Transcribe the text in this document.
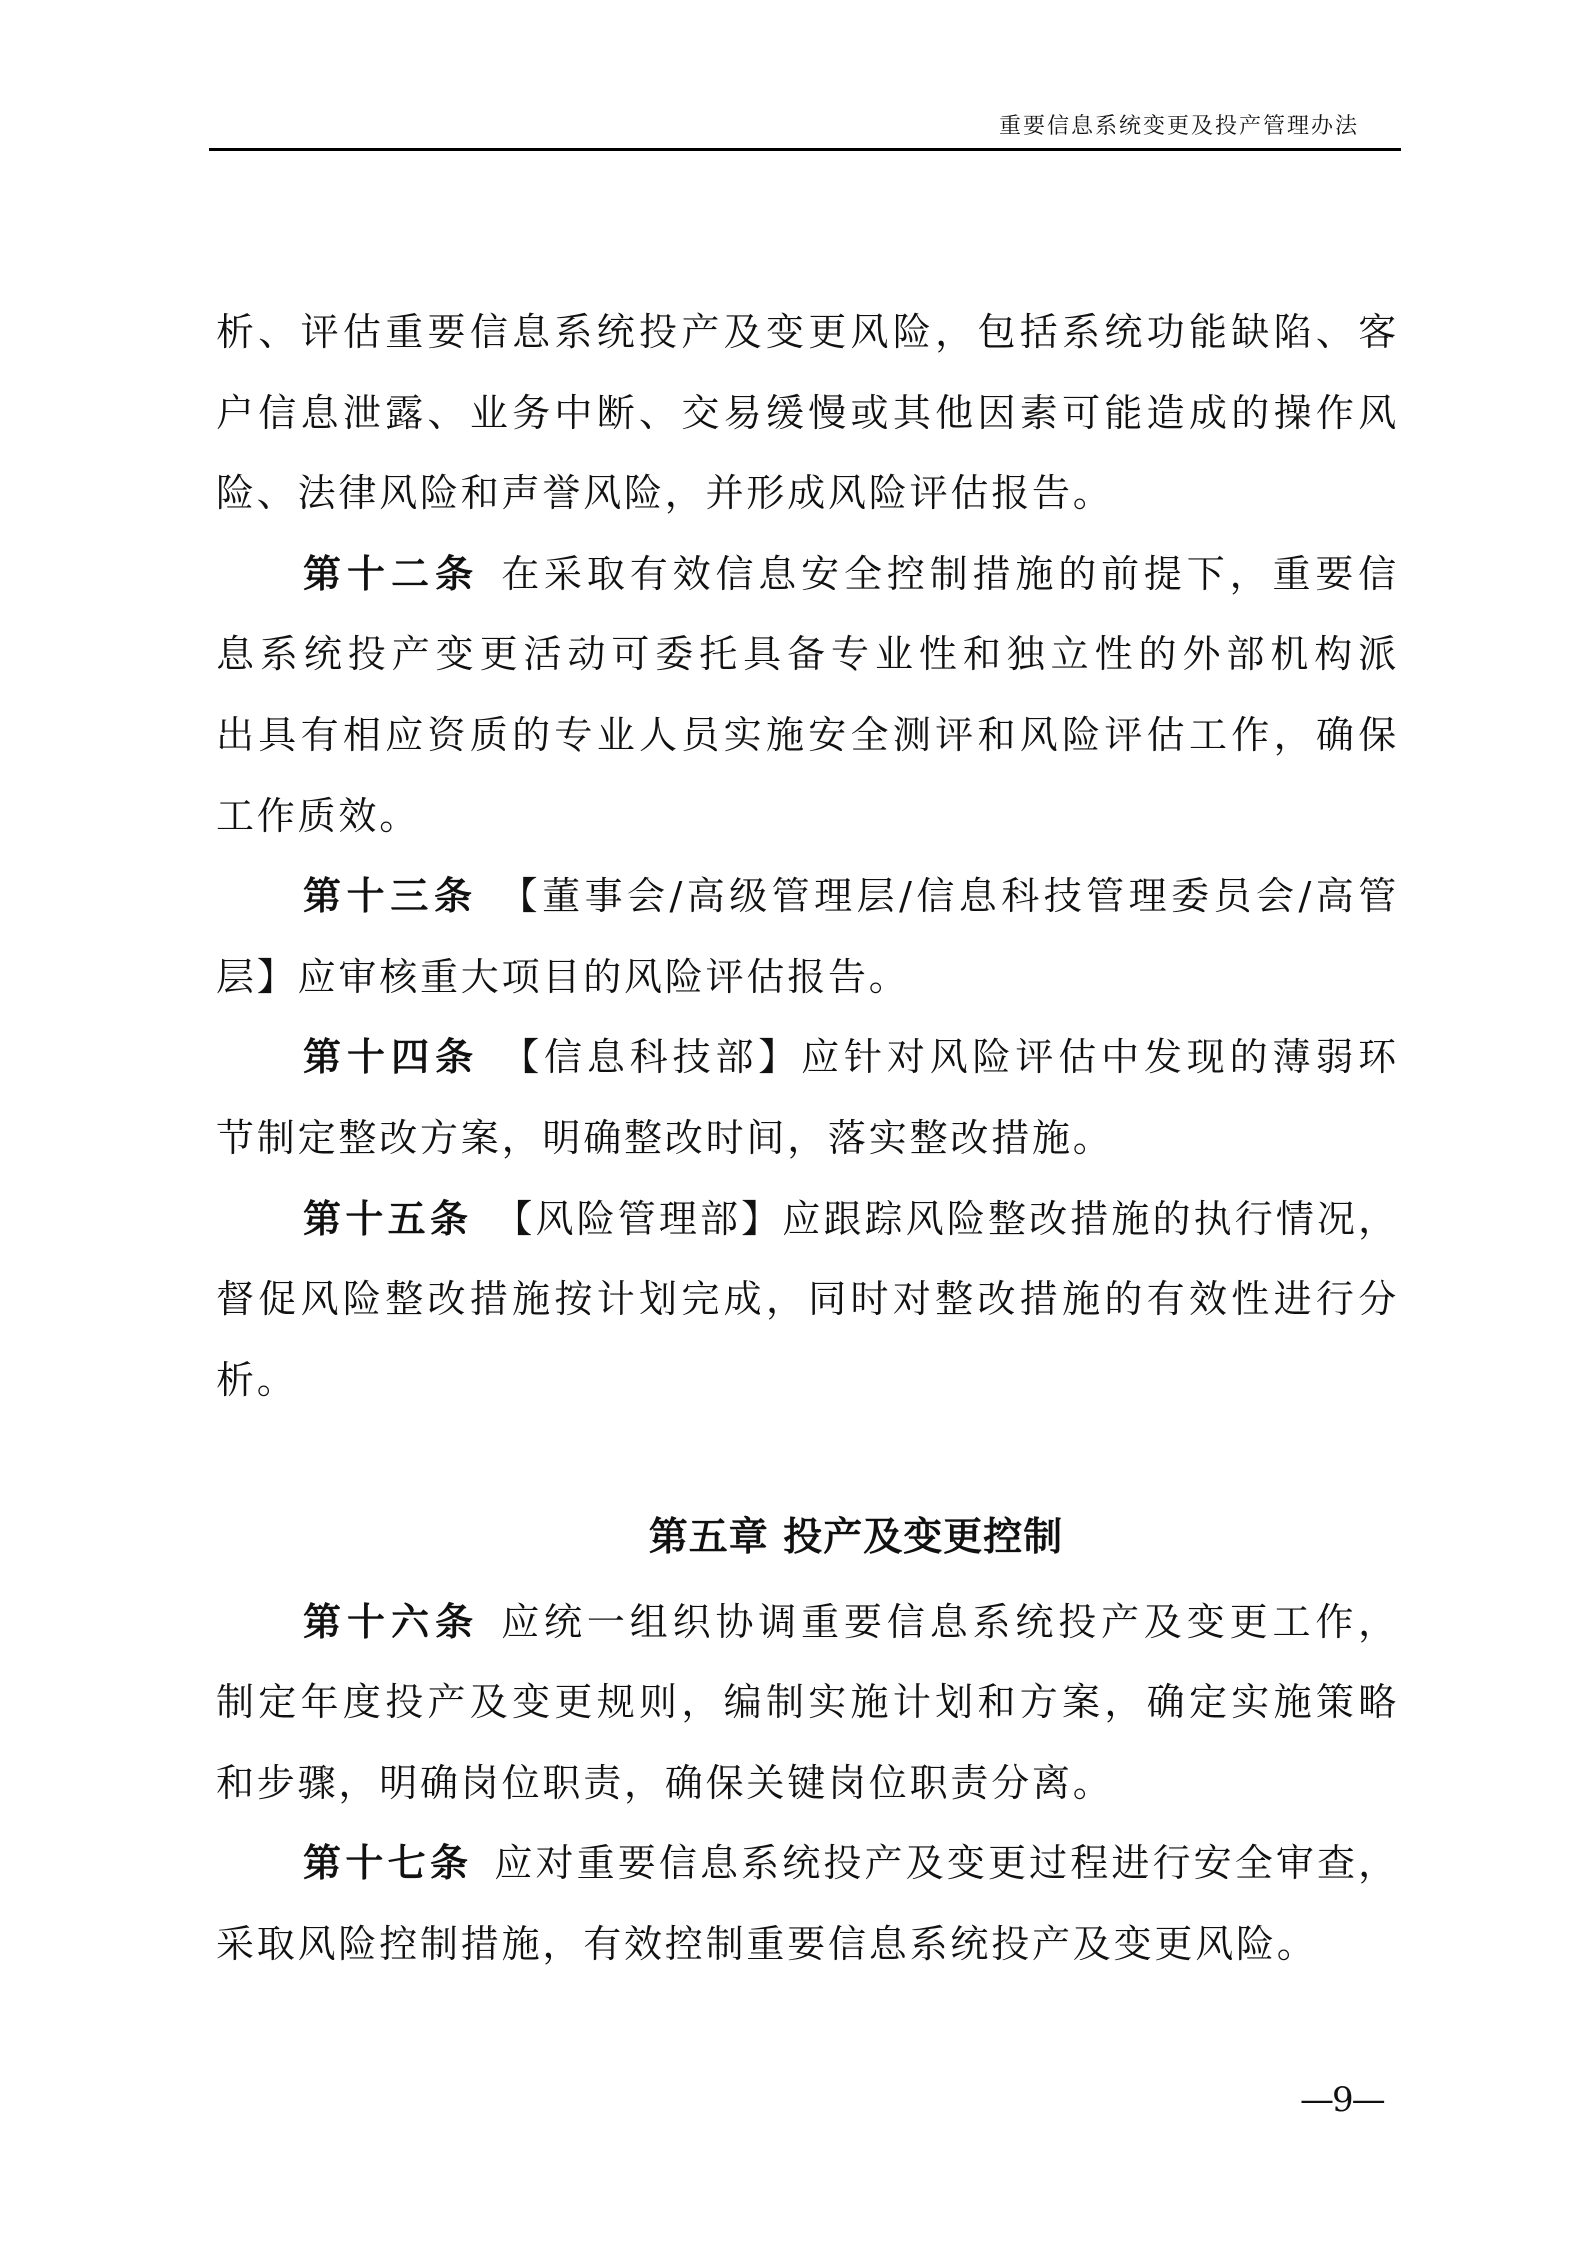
重要信息系统变更及投产管理办法
析、评估重要信息系统投产及变更风险，包括系统功能缺陷、客
户信息泄露、业务中断、交易缓慢或其他因素可能造成的操作风
险、法律风险和声誉风险，并形成风险评估报告。
第十二条 在采取有效信息安全控制措施的前提下，重要信
息系统投产变更活动可委托具备专业性和独立性的外部机构派
出具有相应资质的专业人员实施安全测评和风险评估工作，确保
工作质效。
第十三条 【董事会/高级管理层/信息科技管理委员会/高管
层】应审核重大项目的风险评估报告。
第十四条 【信息科技部】应针对风险评估中发现的薄弱环
节制定整改方案，明确整改时间，落实整改措施。
第十五条 【风险管理部】应跟踪风险整改措施的执行情况，
督促风险整改措施按计划完成，同时对整改措施的有效性进行分
析。
第十六条 应统一组织协调重要信息系统投产及变更工作，
制定年度投产及变更规则，编制实施计划和方案，确定实施策略
和步骤，明确岗位职责，确保关键岗位职责分离。
第十七条 应对重要信息系统投产及变更过程进行安全审查，
采取风险控制措施，有效控制重要信息系统投产及变更风险。
第五章 投产及变更控制
—9—
